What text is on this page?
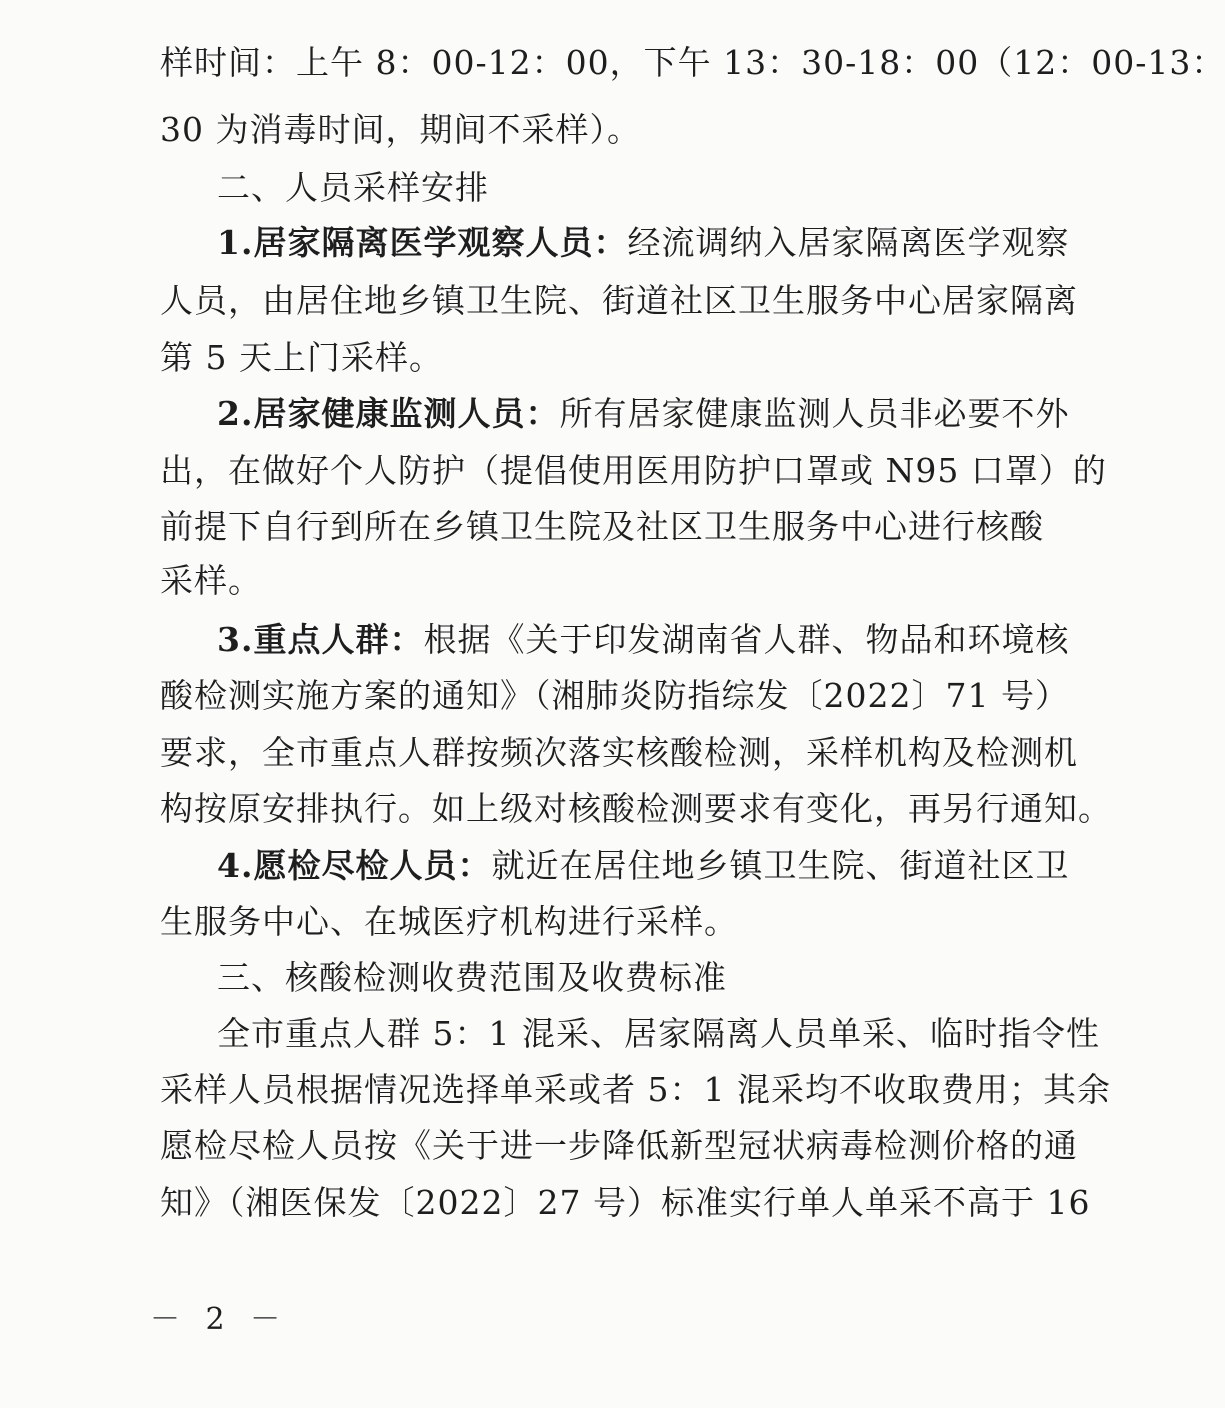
样时间：上午 8：00-12：00，下午 13：30-18：00（12：00-13：
30 为消毒时间，期间不采样）。
二、人员采样安排
1.居家隔离医学观察人员：经流调纳入居家隔离医学观察
人员，由居住地乡镇卫生院、街道社区卫生服务中心居家隔离
第 5 天上门采样。
2.居家健康监测人员：所有居家健康监测人员非必要不外
出，在做好个人防护（提倡使用医用防护口罩或 N95 口罩）的
前提下自行到所在乡镇卫生院及社区卫生服务中心进行核酸
采样。
3.重点人群：根据《关于印发湖南省人群、物品和环境核
酸检测实施方案的通知》（湘肺炎防指综发〔2022〕71 号）
要求，全市重点人群按频次落实核酸检测，采样机构及检测机
构按原安排执行。如上级对核酸检测要求有变化，再另行通知。
4.愿检尽检人员：就近在居住地乡镇卫生院、街道社区卫
生服务中心、在城医疗机构进行采样。
三、核酸检测收费范围及收费标准
全市重点人群 5：1 混采、居家隔离人员单采、临时指令性
采样人员根据情况选择单采或者 5：1 混采均不收取费用；其余
愿检尽检人员按《关于进一步降低新型冠状病毒检测价格的通
知》（湘医保发〔2022〕27 号）标准实行单人单采不高于 16
－ 2 －
